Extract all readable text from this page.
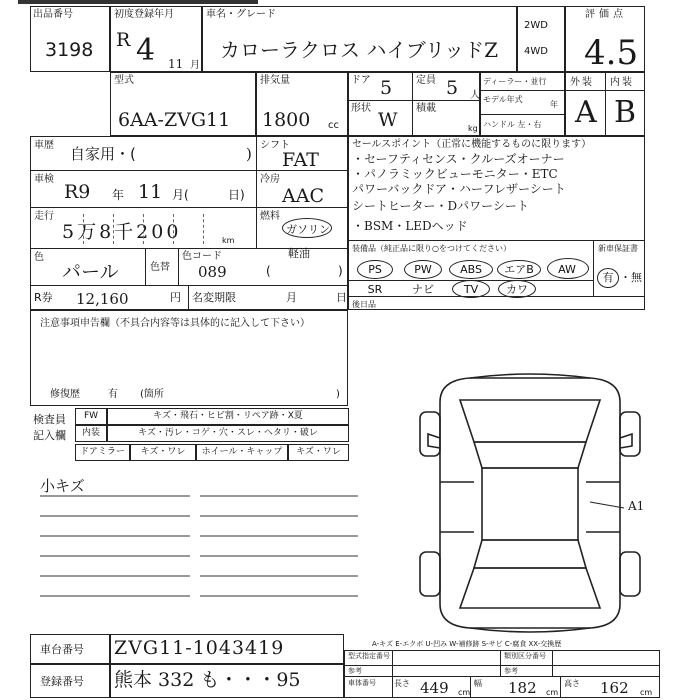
出品番号
3198
初度登録年月
R 4 11 月
車名・グレード
カローラクロス ハイブリッドZ
2WD
4WD
評価点
4.5
型式
6AA-ZVG11
排気量
1800 cc
ドア 5 定員 5 人
形状
W
積載
kg
ディーラー・並行
モデル年式
年
ハンドル 左・右
外装 内装
A B
車歴 自家用・(	) シフト
FAT
車検
R9 年 11 月(	日)
冷房
AAC
走行
5万8千200	km
燃料
ガソリン
軽油
色
パール	色替
色コード
089	(	)
R券 12,160	円 名変期限	月	日
セールスポイント（正常に機能するものに限ります）
・セーフティセンス・クルーズオーナー
・パノラミックビューモニター・ETC
パワーバックドア・ハーフレザーシート
シートヒーター・Dパワーシート
・BSM・LEDヘッド
装備品（純正品に限り○をつけてください）	新車保証書
PS	PW	ABS	エアB	AW
SR	ナビ	TV	カワ
有 ・無
後日品
注意事項申告欄（不具合内容等は具体的に記入して下さい）
修復歴	有 (箇所	)
検査員
記入欄
FW	キズ・飛石・ヒビ割・リペア跡・X夏
内装	キズ・汚レ・コゲ・穴・スレ・ヘタリ・破レ
ドアミラー	キズ・ワレ	ホイール・キャップ	キズ・ワレ
小キズ
A1
車台番号 ZVG11-1043419
登録番号 熊本 332 も・・・95
A-キズ E-エクボ U-凹み W-補修跡 S-サビ C-腐食 XX-交換歴
型式指定番号	類別区分番号
参考	参考
車体番号 長さ 449 cm
幅 182 cm
高さ 162 cm
